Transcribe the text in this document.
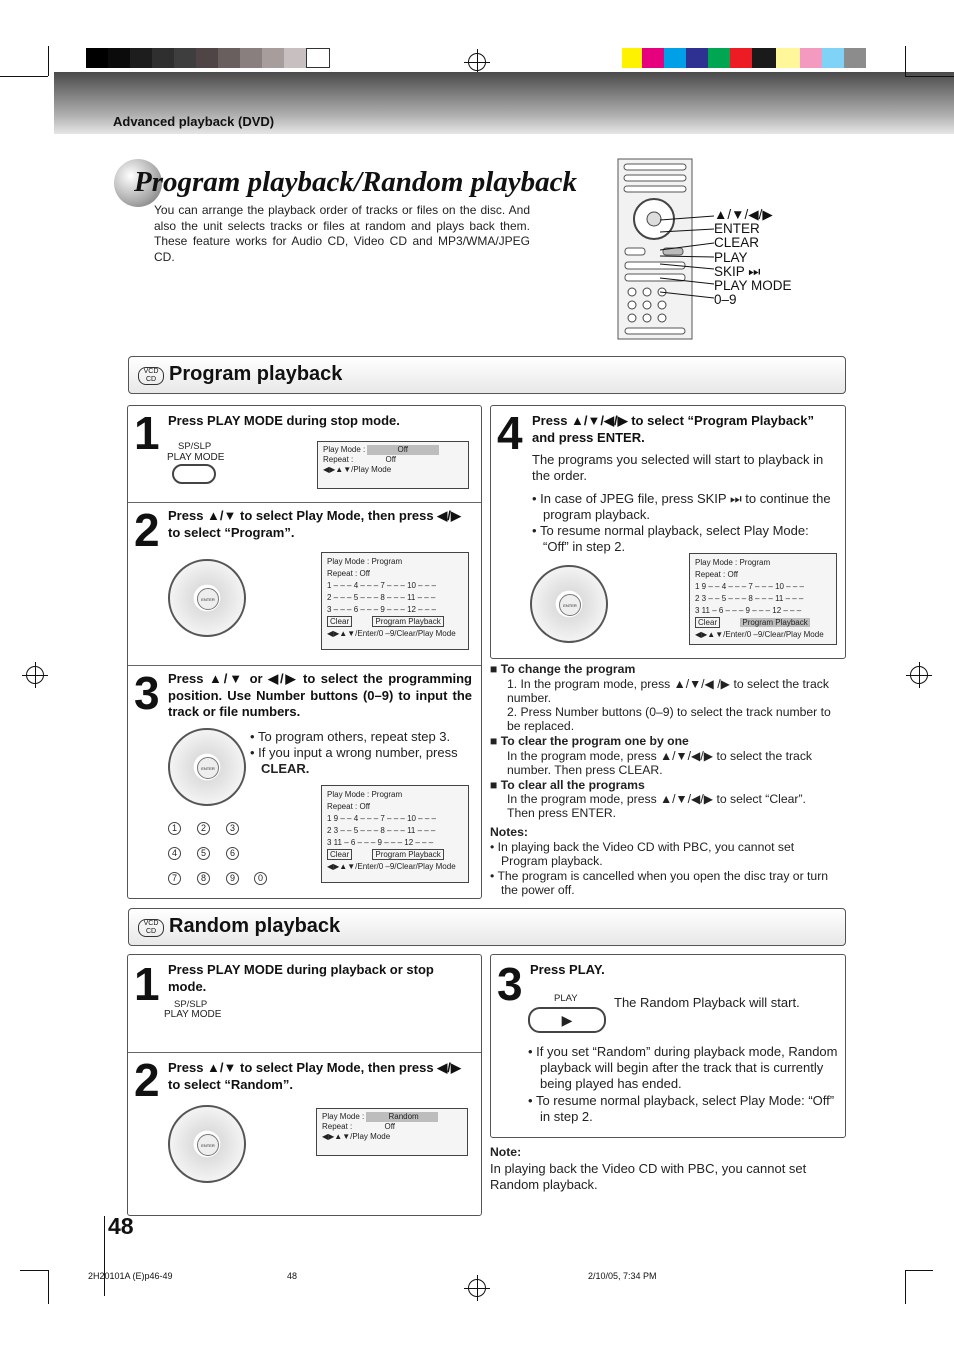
Advanced playback (DVD)
Program playback/Random playback
You can arrange the playback order of tracks or files on the disc. And also the unit selects tracks or files at random and plays back them. These feature works for Audio CD, Video CD and MP3/WMA/JPEG CD.
▲/▼/◀/▶
ENTER
CLEAR
PLAY
SKIP ⏭
PLAY MODE
0–9
VCD
CD Program playback
1 Press PLAY MODE during stop mode.
SP/SLP
PLAY MODE
Play Mode :	Off
Repeat :	Off
◀▶▲▼/Play Mode
2 Press ▲/▼ to select Play Mode, then press ◀/▶ to select “Program”.
ENTER
Play Mode : Program
Repeat : Off
1 – – – 4 – – – 7 – – – 10 – – –
2 – – – 5 – – – 8 – – – 11 – – –
3 – – – 6 – – – 9 – – – 12 – – –
Clear	Program Playback
◀▶▲▼/Enter/0 –9/Clear/Play Mode
3 Press ▲/▼ or ◀/▶ to select the programming position. Use Number buttons (0–9) to input the track or file numbers.
ENTER
• To program others, repeat step 3.
• If you input a wrong number, press
CLEAR.
Play Mode : Program
Repeat : Off
1 9 – – 4 – – – 7 – – – 10 – – –
2 3 – – 5 – – – 8 – – – 11 – – –
3 11 – 6 – – – 9 – – – 12 – – –
Clear	Program Playback
◀▶▲▼/Enter/0 –9/Clear/Play Mode
1	2	3
4	5	6
7	8	9	0
4 Press ▲/▼/◀/▶ to select “Program Playback” and press ENTER.
The programs you selected will start to playback in the order.
• In case of JPEG file, press SKIP ⏭ to continue the program playback.
• To resume normal playback, select Play Mode: “Off” in step 2.
ENTER
Play Mode : Program
Repeat : Off
1 9 – – 4 – – – 7 – – – 10 – – –
2 3 – – 5 – – – 8 – – – 11 – – –
3 11 – 6 – – – 9 – – – 12 – – –
Clear	Program Playback
◀▶▲▼/Enter/0 –9/Clear/Play Mode
■ To change the program
1. In the program mode, press ▲/▼/◀ /▶ to select the track number.
2. Press Number buttons (0–9) to select the track number to be replaced.
■ To clear the program one by one
In the program mode, press ▲/▼/◀/▶ to select the track number. Then press CLEAR.
■ To clear all the programs
In the program mode, press ▲/▼/◀/▶ to select “Clear”. Then press ENTER.
Notes:
• In playing back the Video CD with PBC, you cannot set Program playback.
• The program is cancelled when you open the disc tray or turn the power off.
VCD
CD Random playback
1 Press PLAY MODE during playback or stop mode.
SP/SLP
PLAY MODE
2 Press ▲/▼ to select Play Mode, then press ◀/▶ to select “Random”.
ENTER
Play Mode :	Random
Repeat :	Off
◀▶▲▼/Play Mode
3 Press PLAY.
PLAY
▶
The Random Playback will start.
• If you set “Random” during playback mode, Random playback will begin after the track that is currently being played has ended.
• To resume normal playback, select Play Mode: “Off” in step 2.
Note:
In playing back the Video CD with PBC, you cannot set Random playback.
48
2H20101A (E)p46-49	48	2/10/05, 7:34 PM
